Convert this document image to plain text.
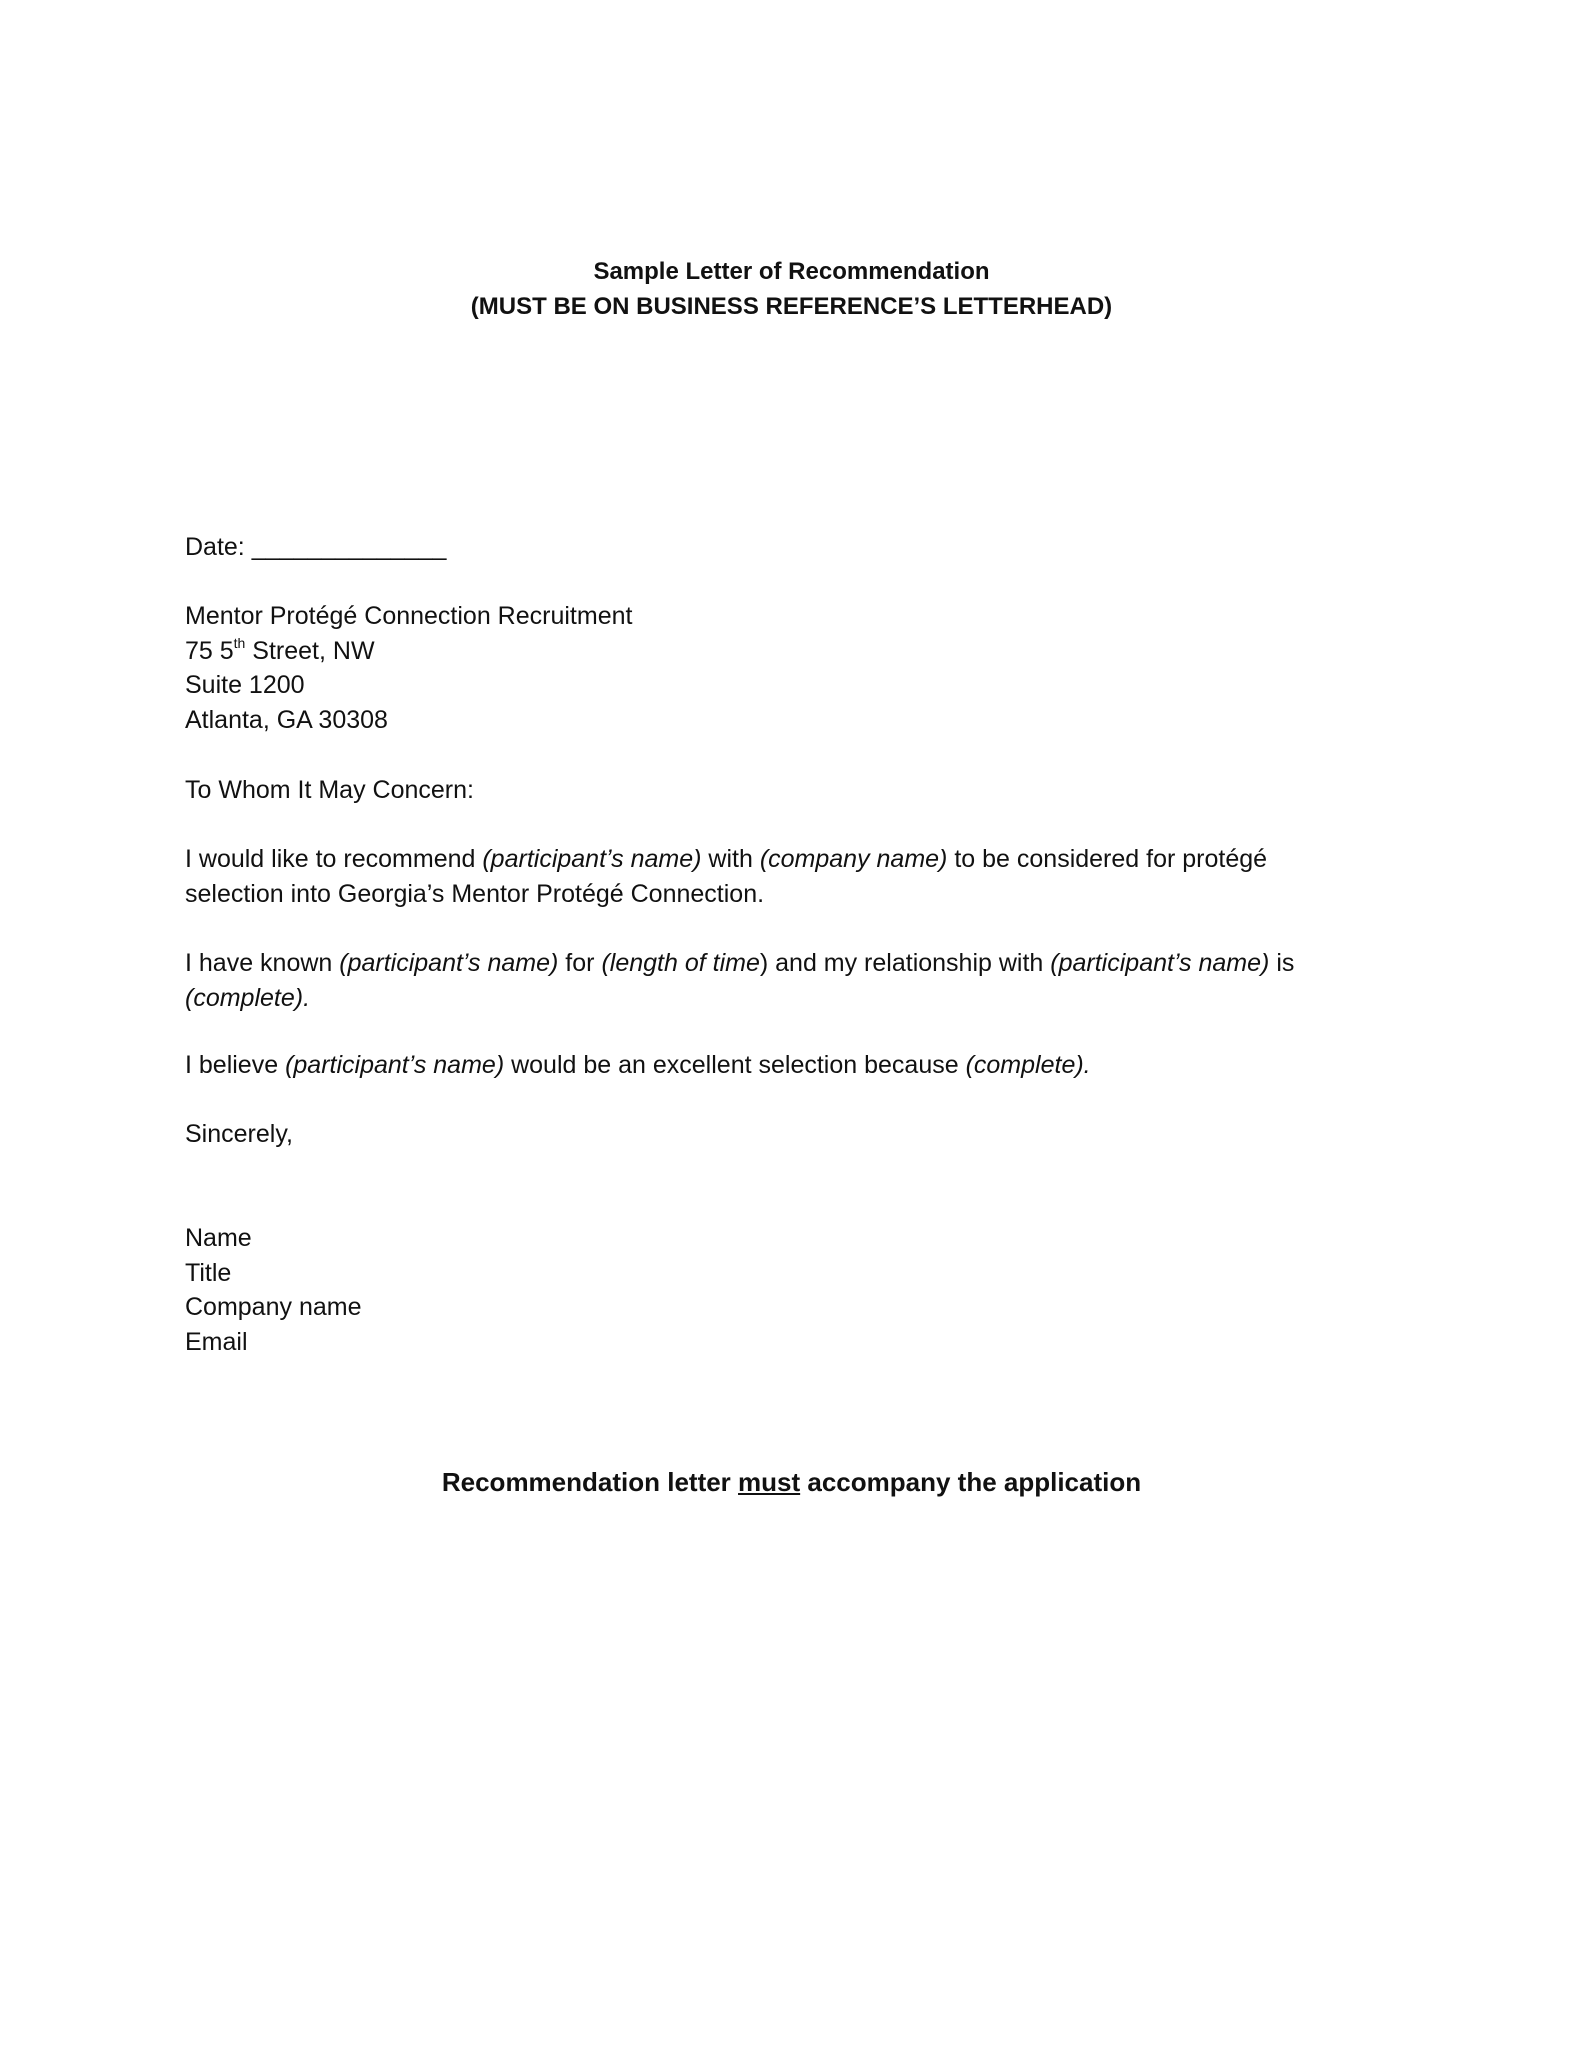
Sample Letter of Recommendation
(MUST BE ON BUSINESS REFERENCE’S LETTERHEAD)
Date: ______________
Mentor Protégé Connection Recruitment
75 5th Street, NW
Suite 1200
Atlanta, GA 30308
To Whom It May Concern:
I would like to recommend (participant’s name) with (company name) to be considered for protégé
selection into Georgia’s Mentor Protégé Connection.
I have known (participant’s name) for (length of time) and my relationship with (participant’s name) is
(complete).
I believe (participant’s name) would be an excellent selection because (complete).
Sincerely,
Name
Title
Company name
Email
Recommendation letter must accompany the application
